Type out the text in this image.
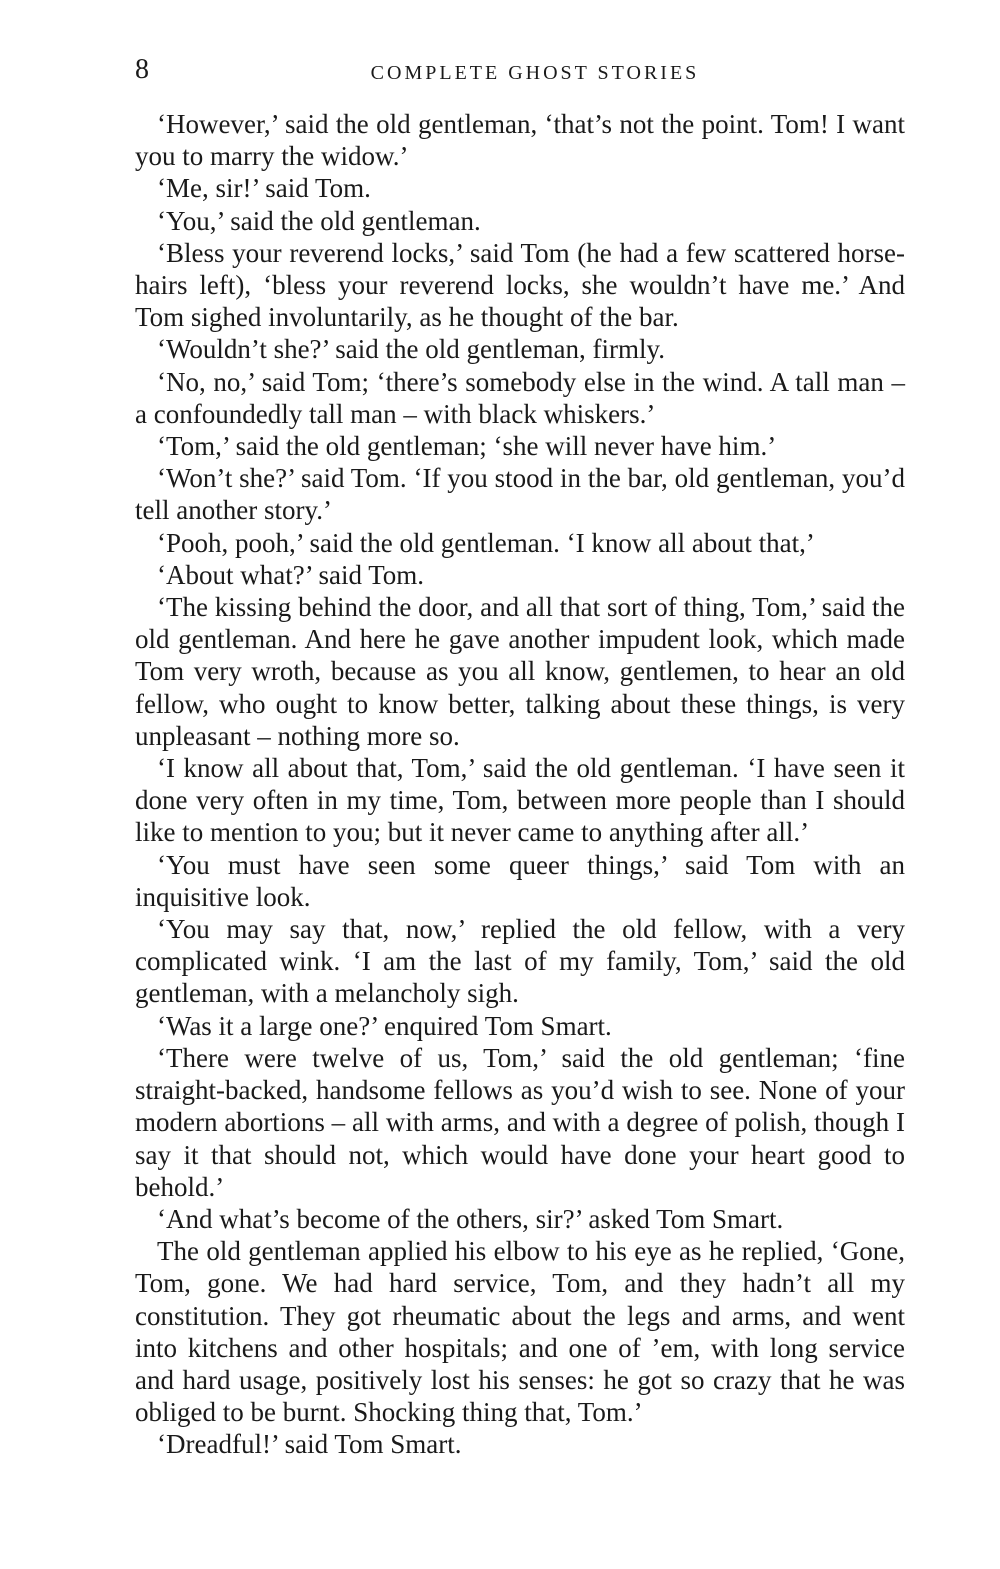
8	COMPLETE GHOST STORIES

‘However,’ said the old gentleman, ‘that’s not the point. Tom! I want you to marry the widow.’

‘Me, sir!’ said Tom.

‘You,’ said the old gentleman.

‘Bless your reverend locks,’ said Tom (he had a few scattered horse-hairs left), ‘bless your reverend locks, she wouldn’t have me.’ And Tom sighed involuntarily, as he thought of the bar.

‘Wouldn’t she?’ said the old gentleman, firmly.

‘No, no,’ said Tom; ‘there’s somebody else in the wind. A tall man – a confoundedly tall man – with black whiskers.’

‘Tom,’ said the old gentleman; ‘she will never have him.’

‘Won’t she?’ said Tom. ‘If you stood in the bar, old gentleman, you’d tell another story.’

‘Pooh, pooh,’ said the old gentleman. ‘I know all about that,’

‘About what?’ said Tom.

‘The kissing behind the door, and all that sort of thing, Tom,’ said the old gentleman. And here he gave another impudent look, which made Tom very wroth, because as you all know, gentlemen, to hear an old fellow, who ought to know better, talking about these things, is very unpleasant – nothing more so.

‘I know all about that, Tom,’ said the old gentleman. ‘I have seen it done very often in my time, Tom, between more people than I should like to mention to you; but it never came to anything after all.’

‘You must have seen some queer things,’ said Tom with an inquisitive look.

‘You may say that, now,’ replied the old fellow, with a very complicated wink. ‘I am the last of my family, Tom,’ said the old gentleman, with a melancholy sigh.

‘Was it a large one?’ enquired Tom Smart.

‘There were twelve of us, Tom,’ said the old gentleman; ‘fine straight-backed, handsome fellows as you’d wish to see. None of your modern abortions – all with arms, and with a degree of polish, though I say it that should not, which would have done your heart good to behold.’

‘And what’s become of the others, sir?’ asked Tom Smart.

The old gentleman applied his elbow to his eye as he replied, ‘Gone, Tom, gone. We had hard service, Tom, and they hadn’t all my constitution. They got rheumatic about the legs and arms, and went into kitchens and other hospitals; and one of ’em, with long service and hard usage, positively lost his senses: he got so crazy that he was obliged to be burnt. Shocking thing that, Tom.’

‘Dreadful!’ said Tom Smart.
